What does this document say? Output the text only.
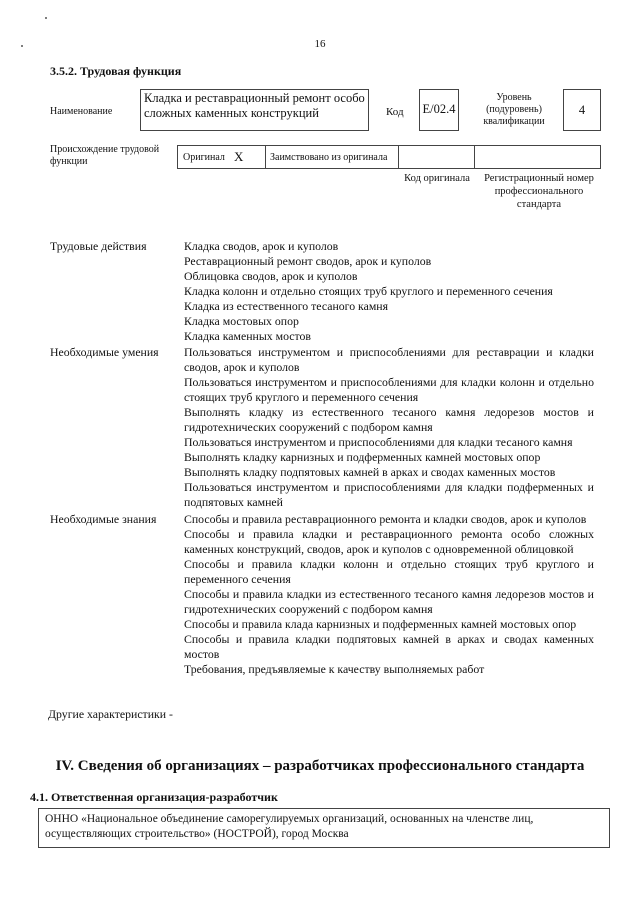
16
3.5.2. Трудовая функция
Наименование
Кладка и реставрационный ремонт особо сложных каменных конструкций	Код E/02.4
Уровень (подуровень) квалификации
4
Происхождение трудовой функции	Оригинал X	Заимствовано из оригинала
Код оригинала	Регистрационный номер профессионального стандарта
Трудовые действия	Кладка сводов, арок и куполов
Реставрационный ремонт сводов, арок и куполов
Облицовка сводов, арок и куполов
Кладка колонн и отдельно стоящих труб круглого и переменного сечения
Кладка из естественного тесаного камня
Кладка мостовых опор
Кладка каменных мостов
Необходимые умения	Пользоваться инструментом и приспособлениями для реставрации и кладки сводов, арок и куполов
Пользоваться инструментом и приспособлениями для кладки колонн и отдельно стоящих труб круглого и переменного сечения
Выполнять кладку из естественного тесаного камня ледорезов мостов и гидротехнических сооружений с подбором камня
Пользоваться инструментом и приспособлениями для кладки тесаного камня
Выполнять кладку карнизных и подферменных камней мостовых опор
Выполнять кладку подпятовых камней в арках и сводах каменных мостов
Пользоваться инструментом и приспособлениями для кладки подферменных и подпятовых камней
Необходимые знания	Способы и правила реставрационного ремонта и кладки сводов, арок и куполов
Способы и правила кладки и реставрационного ремонта особо сложных каменных конструкций, сводов, арок и куполов с одновременной облицовкой
Способы и правила кладки колонн и отдельно стоящих труб круглого и переменного сечения
Способы и правила кладки из естественного тесаного камня ледорезов мостов и гидротехнических сооружений с подбором камня
Способы и правила клада карнизных и подферменных камней мостовых опор
Способы и правила кладки подпятовых камней в арках и сводах каменных мостов
Требования, предъявляемые к качеству выполняемых работ
Другие характеристики -
IV. Сведения об организациях – разработчиках профессионального стандарта
4.1. Ответственная организация-разработчик
ОННО «Национальное объединение саморегулируемых организаций, основанных на членстве лиц, осуществляющих строительство» (НОСТРОЙ), город Москва
